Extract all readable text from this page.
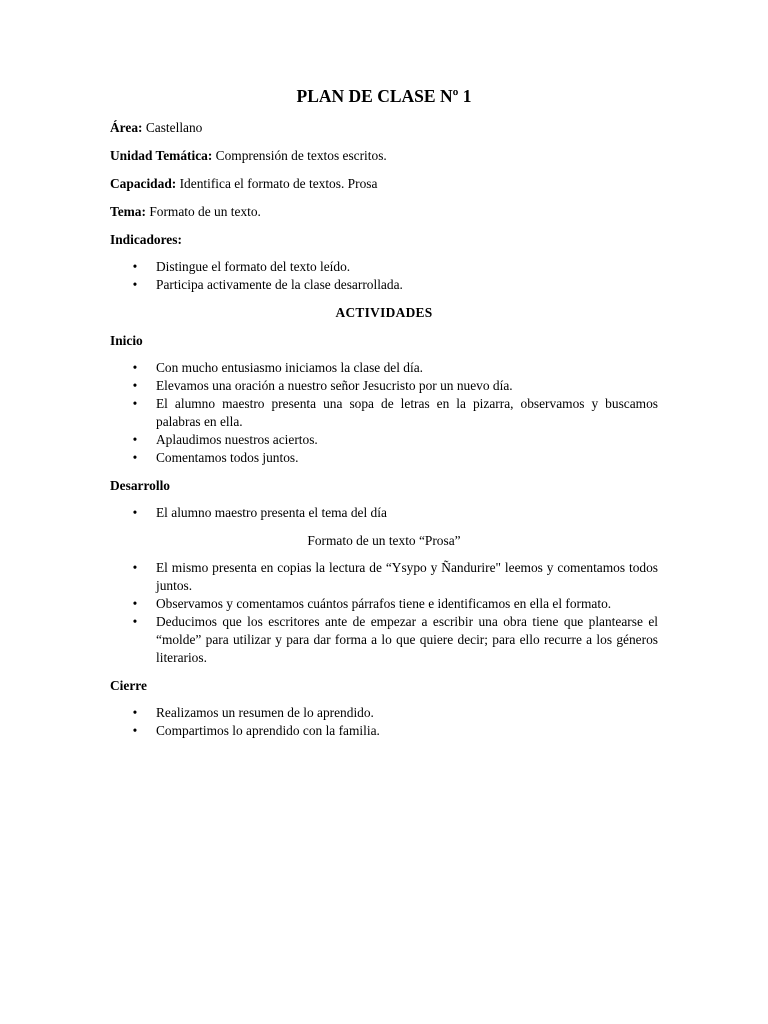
PLAN DE CLASE Nº 1

Área: Castellano

Unidad Temática: Comprensión de textos escritos.

Capacidad: Identifica el formato de textos. Prosa

Tema: Formato de un texto.

Indicadores:
• Distingue el formato del texto leído.
• Participa activamente de la clase desarrollada.
ACTIVIDADES
Inicio
• Con mucho entusiasmo iniciamos la clase del día.
• Elevamos una oración a nuestro señor Jesucristo por un nuevo día.
• El alumno maestro presenta una sopa de letras en la pizarra, observamos y buscamos palabras en ella.
• Aplaudimos nuestros aciertos.
• Comentamos todos juntos.
Desarrollo
• El alumno maestro presenta el tema del día
Formato de un texto “Prosa”
• El mismo presenta en copias la lectura de “Ysypo y Ñandurire" leemos y comentamos todos juntos.
• Observamos y comentamos cuántos párrafos tiene e identificamos en ella el formato.
• Deducimos que los escritores ante de empezar a escribir una obra tiene que plantearse el “molde” para utilizar y para dar forma a lo que quiere decir; para ello recurre a los géneros literarios.
Cierre
• Realizamos un resumen de lo aprendido.
• Compartimos lo aprendido con la familia.
